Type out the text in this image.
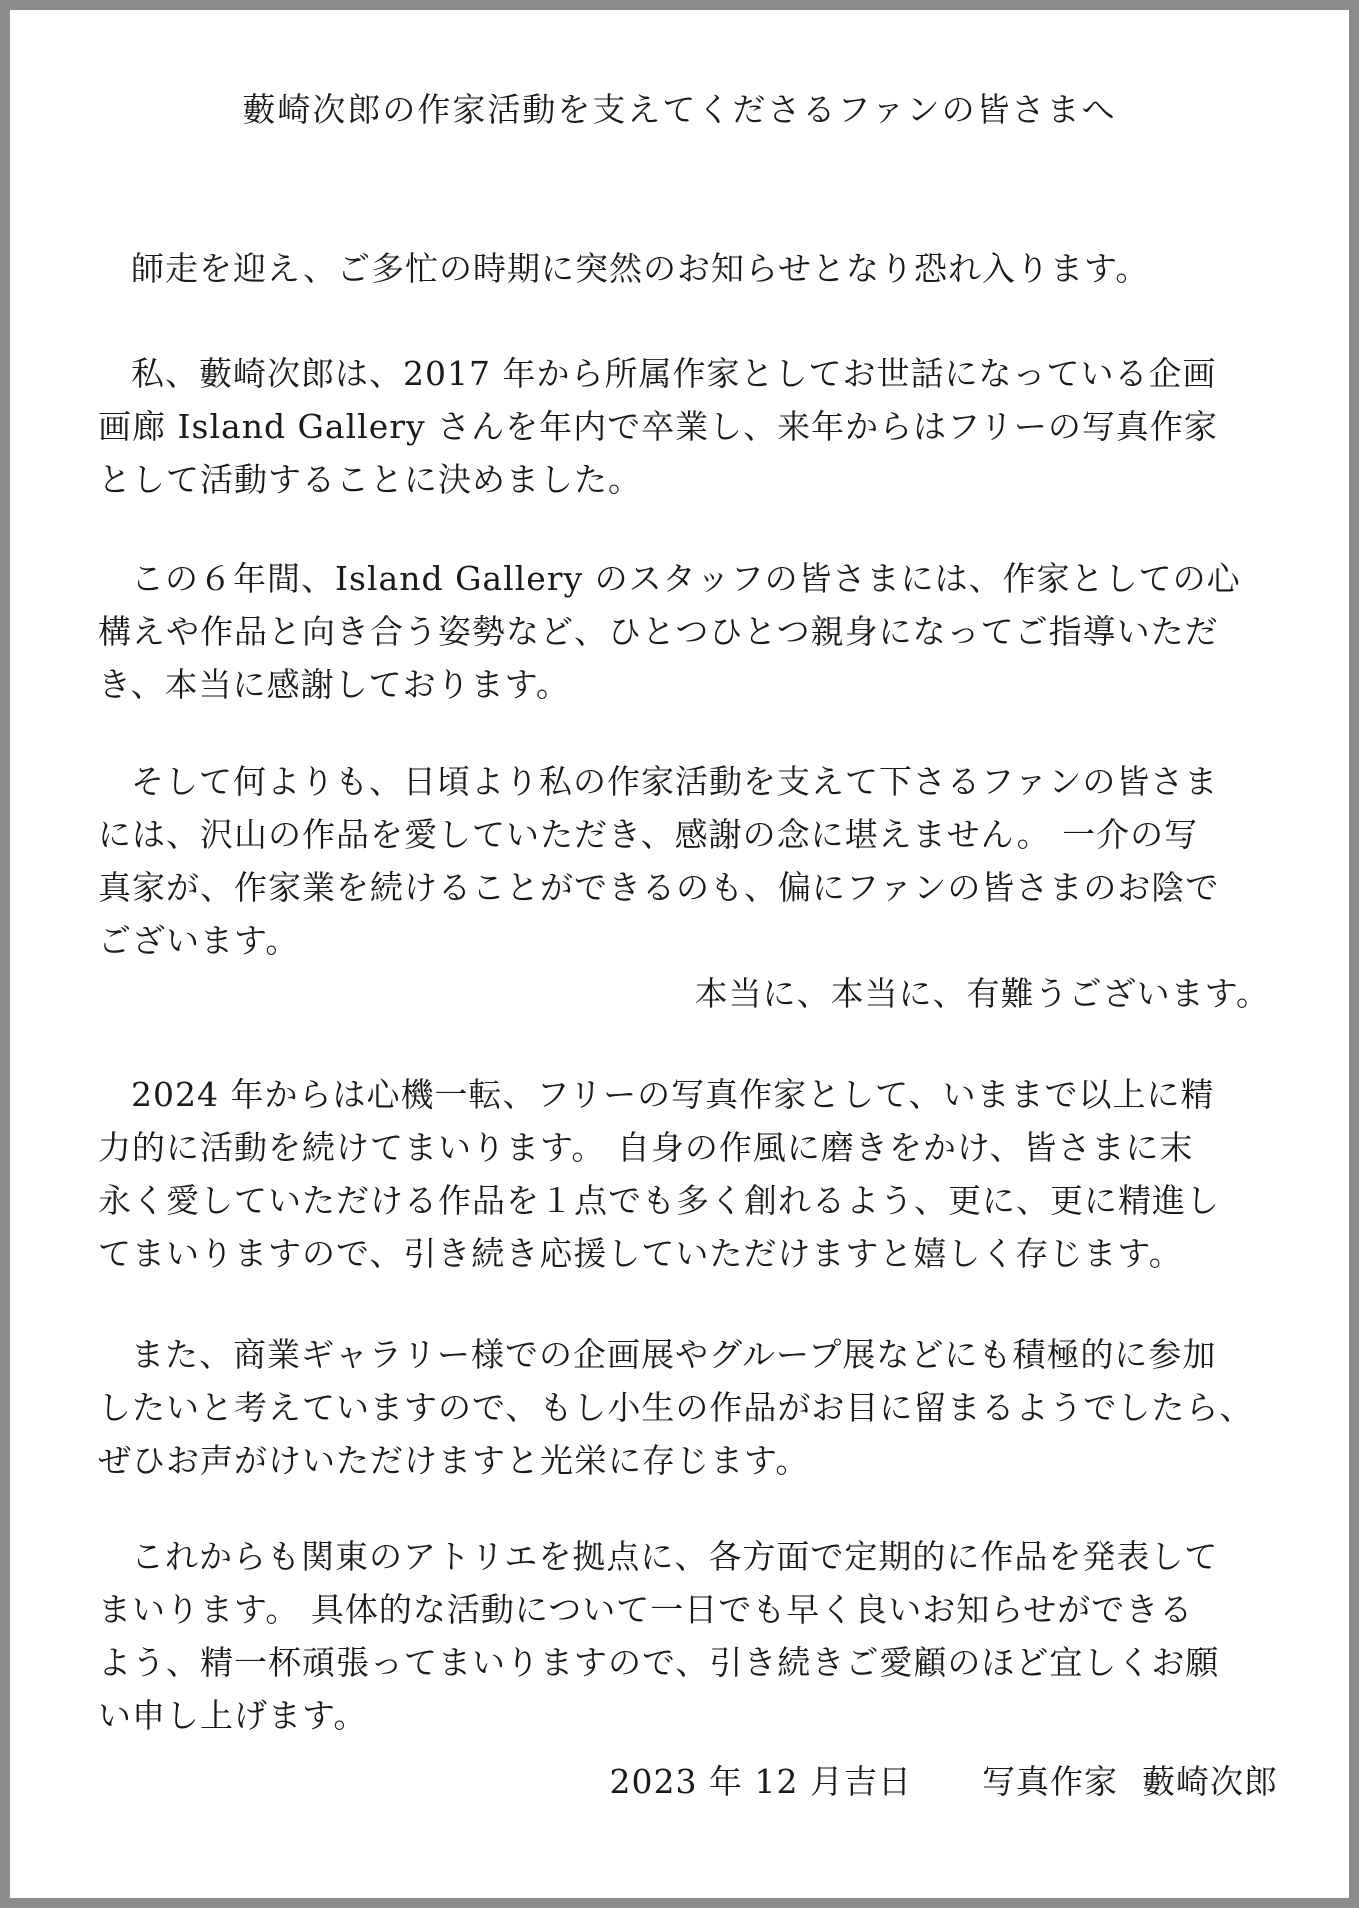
藪崎次郎の作家活動を支えてくださるファンの皆さまへ
師走を迎え、ご多忙の時期に突然のお知らせとなり恐れ入ります。
私、藪崎次郎は、2017 年から所属作家としてお世話になっている企画
画廊 Island Gallery さんを年内で卒業し、来年からはフリーの写真作家
として活動することに決めました。
この６年間、Island Gallery のスタッフの皆さまには、作家としての心
構えや作品と向き合う姿勢など、ひとつひとつ親身になってご指導いただ
き、本当に感謝しております。
そして何よりも、日頃より私の作家活動を支えて下さるファンの皆さま
には、沢山の作品を愛していただき、感謝の念に堪えません。 一介の写
真家が、作家業を続けることができるのも、偏にファンの皆さまのお陰で
ございます。
本当に、本当に、有難うございます。
2024 年からは心機一転、フリーの写真作家として、いままで以上に精
力的に活動を続けてまいります。 自身の作風に磨きをかけ、皆さまに末
永く愛していただける作品を１点でも多く創れるよう、更に、更に精進し
てまいりますので、引き続き応援していただけますと嬉しく存じます。
また、商業ギャラリー様での企画展やグループ展などにも積極的に参加
したいと考えていますので、もし小生の作品がお目に留まるようでしたら、
ぜひお声がけいただけますと光栄に存じます。
これからも関東のアトリエを拠点に、各方面で定期的に作品を発表して
まいります。 具体的な活動について一日でも早く良いお知らせができる
よう、精一杯頑張ってまいりますので、引き続きご愛顧のほど宜しくお願
い申し上げます。
2023 年 12 月吉日 写真作家 藪崎次郎
